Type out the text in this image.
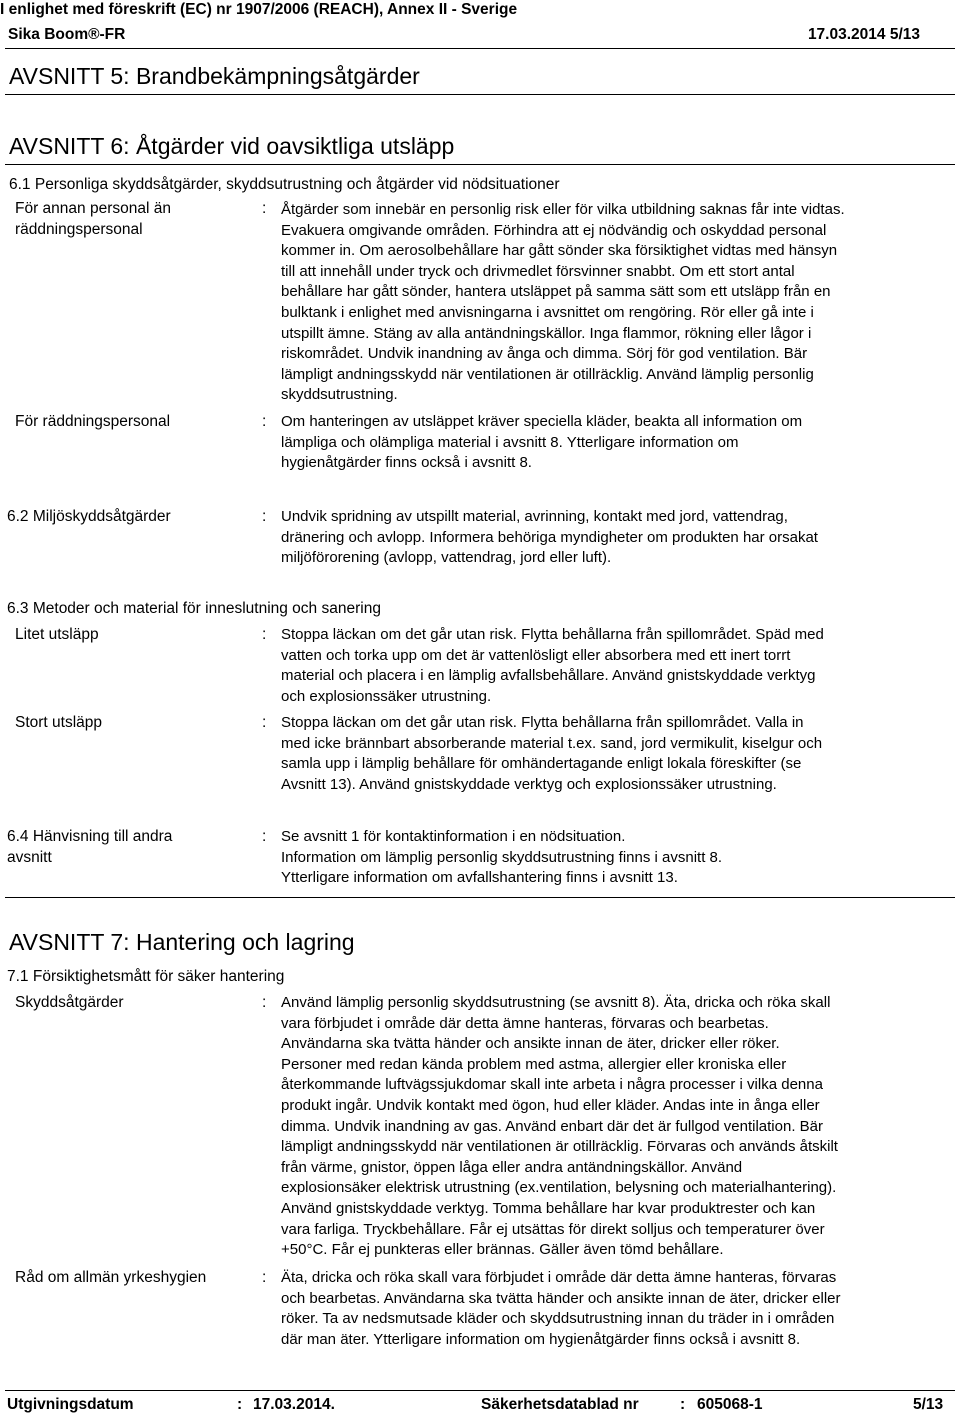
I enlighet med föreskrift (EC) nr 1907/2006 (REACH), Annex II - Sverige
Sika Boom®-FR	17.03.2014 5/13
AVSNITT 5: Brandbekämpningsåtgärder
AVSNITT 6: Åtgärder vid oavsiktliga utsläpp
6.1 Personliga skyddsåtgärder, skyddsutrustning och åtgärder vid nödsituationer
För annan personal än
räddningspersonal
: Åtgärder som innebär en personlig risk eller för vilka utbildning saknas får inte vidtas.
Evakuera omgivande områden. Förhindra att ej nödvändig och oskyddad personal
kommer in. Om aerosolbehållare har gått sönder ska försiktighet vidtas med hänsyn
till att innehåll under tryck och drivmedlet försvinner snabbt. Om ett stort antal
behållare har gått sönder, hantera utsläppet på samma sätt som ett utsläpp från en
bulktank i enlighet med anvisningarna i avsnittet om rengöring. Rör eller gå inte i
utspillt ämne. Stäng av alla antändningskällor. Inga flammor, rökning eller lågor i
riskområdet. Undvik inandning av ånga och dimma. Sörj för god ventilation. Bär
lämpligt andningsskydd när ventilationen är otillräcklig. Använd lämplig personlig
skyddsutrustning.
För räddningspersonal	: Om hanteringen av utsläppet kräver speciella kläder, beakta all information om
lämpliga och olämpliga material i avsnitt 8. Ytterligare information om
hygienåtgärder finns också i avsnitt 8.
6.2 Miljöskyddsåtgärder	: Undvik spridning av utspillt material, avrinning, kontakt med jord, vattendrag,
dränering och avlopp. Informera behöriga myndigheter om produkten har orsakat
miljöförorening (avlopp, vattendrag, jord eller luft).
6.3 Metoder och material för inneslutning och sanering
Litet utsläpp	: Stoppa läckan om det går utan risk. Flytta behållarna från spillområdet. Späd med
vatten och torka upp om det är vattenlösligt eller absorbera med ett inert torrt
material och placera i en lämplig avfallsbehållare. Använd gnistskyddade verktyg
och explosionssäker utrustning.
Stort utsläpp	: Stoppa läckan om det går utan risk. Flytta behållarna från spillområdet. Valla in
med icke brännbart absorberande material t.ex. sand, jord vermikulit, kiselgur och
samla upp i lämplig behållare för omhändertagande enligt lokala föreskifter (se
Avsnitt 13). Använd gnistskyddade verktyg och explosionssäker utrustning.
6.4 Hänvisning till andra
avsnitt
: Se avsnitt 1 för kontaktinformation i en nödsituation.
Information om lämplig personlig skyddsutrustning finns i avsnitt 8.
Ytterligare information om avfallshantering finns i avsnitt 13.
AVSNITT 7: Hantering och lagring
7.1 Försiktighetsmått för säker hantering
Skyddsåtgärder	: Använd lämplig personlig skyddsutrustning (se avsnitt 8). Äta, dricka och röka skall
vara förbjudet i område där detta ämne hanteras, förvaras och bearbetas.
Användarna ska tvätta händer och ansikte innan de äter, dricker eller röker.
Personer med redan kända problem med astma, allergier eller kroniska eller
återkommande luftvägssjukdomar skall inte arbeta i några processer i vilka denna
produkt ingår. Undvik kontakt med ögon, hud eller kläder. Andas inte in ånga eller
dimma. Undvik inandning av gas. Använd enbart där det är fullgod ventilation. Bär
lämpligt andningsskydd när ventilationen är otillräcklig. Förvaras och används åtskilt
från värme, gnistor, öppen låga eller andra antändningskällor. Använd
explosionsäker elektrisk utrustning (ex.ventilation, belysning och materialhantering).
Använd gnistskyddade verktyg. Tomma behållare har kvar produktrester och kan
vara farliga. Tryckbehållare. Får ej utsättas för direkt solljus och temperaturer över
+50°C. Får ej punkteras eller brännas. Gäller även tömd behållare.
Råd om allmän yrkeshygien	: Äta, dricka och röka skall vara förbjudet i område där detta ämne hanteras, förvaras
och bearbetas. Användarna ska tvätta händer och ansikte innan de äter, dricker eller
röker. Ta av nedsmutsade kläder och skyddsutrustning innan du träder in i områden
där man äter. Ytterligare information om hygienåtgärder finns också i avsnitt 8.
Utgivningsdatum	: 17.03.2014.	Säkerhetsdatablad nr	: 605068-1	5/13
